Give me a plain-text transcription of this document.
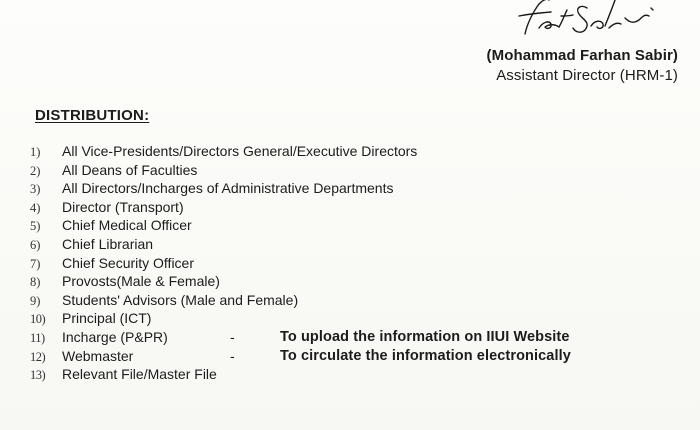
(Mohammad Farhan Sabir)
Assistant Director (HRM-1)
DISTRIBUTION:
1) All Vice-Presidents/Directors General/Executive Directors
2) All Deans of Faculties
3) All Directors/Incharges of Administrative Departments
4) Director (Transport)
5) Chief Medical Officer
6) Chief Librarian
7) Chief Security Officer
8) Provosts(Male & Female)
9) Students' Advisors (Male and Female)
10) Principal (ICT)
11) Incharge (P&PR)	-	To upload the information on IIUI Website
12) Webmaster	-	To circulate the information electronically
13) Relevant File/Master File
